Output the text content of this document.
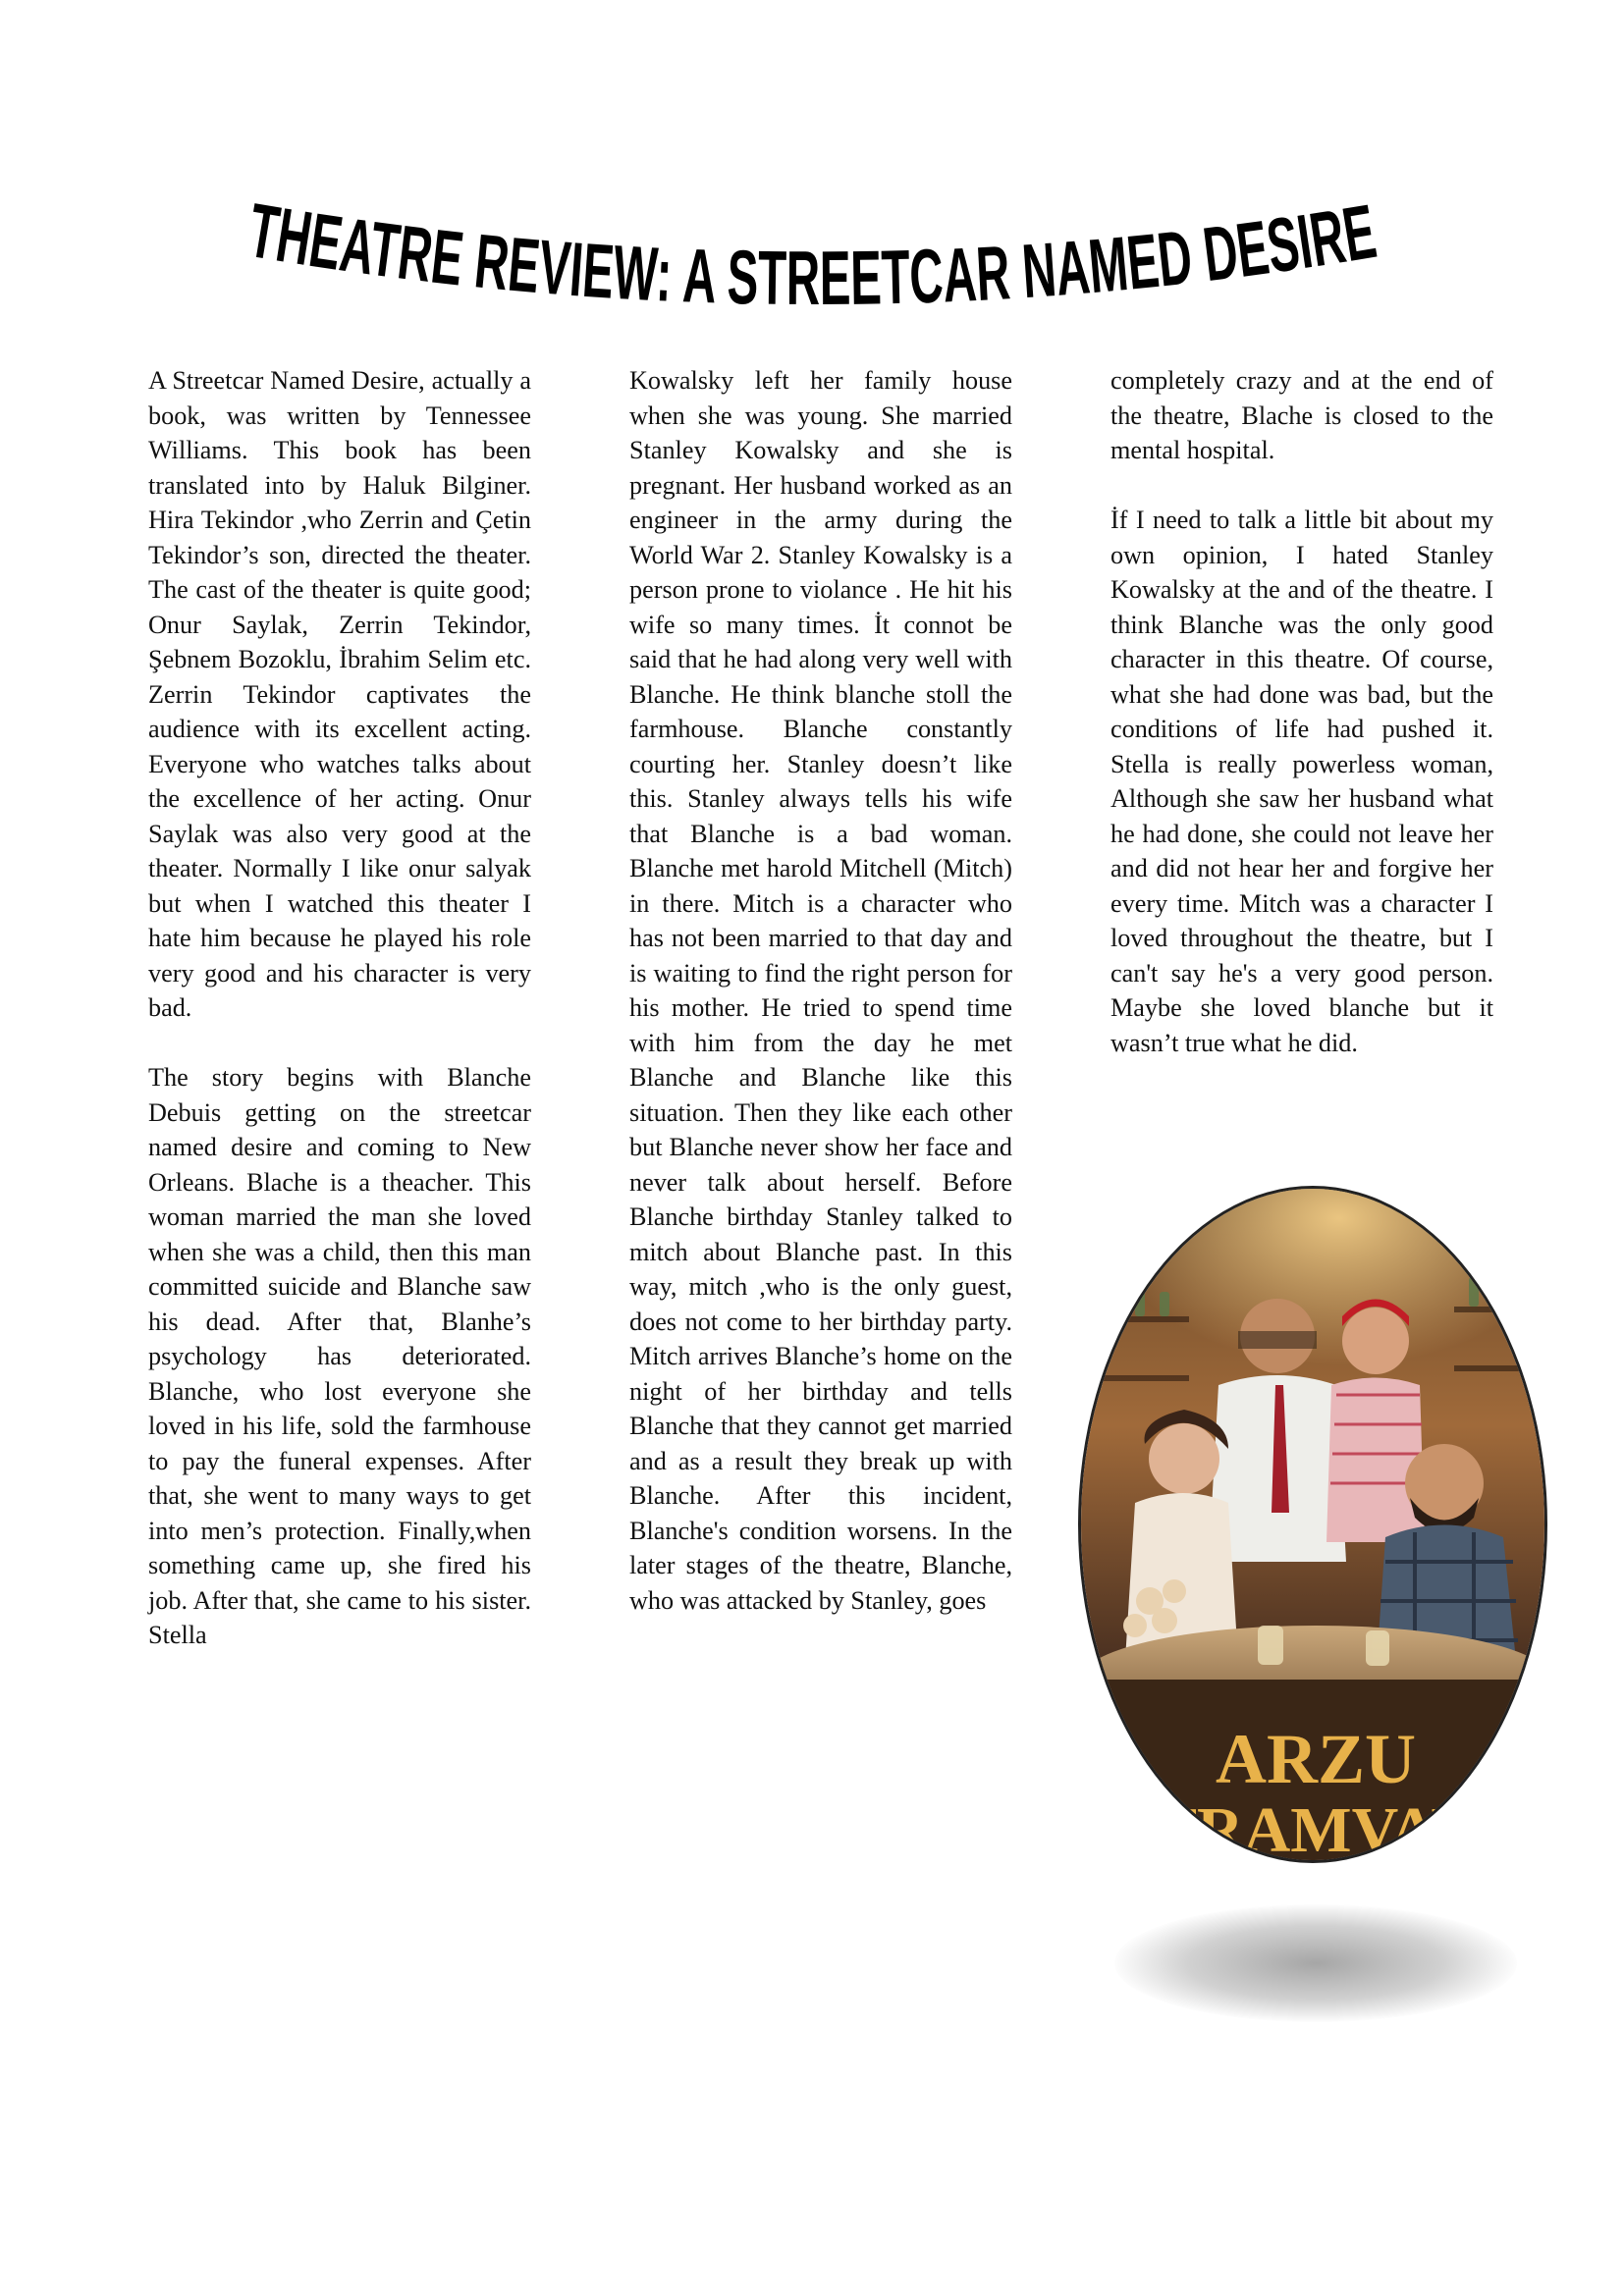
THEATRE REVIEW: A STREETCAR NAMED DESIRE

A Streetcar Named Desire, actually a book, was written by Tennessee Williams. This book has been translated into by Haluk Bilginer. Hira Tekindor ,who Zerrin and Çetin Tekindor’s son, directed the theater. The cast of the theater is quite good; Onur Saylak, Zerrin Tekindor, Şebnem Bozoklu, İbrahim Selim etc. Zerrin Tekindor captivates the audience with its excellent acting. Everyone who watches talks about the excellence of her acting. Onur Saylak was also very good at the theater. Normally I like onur salyak but when I watched this theater I hate him because he played his role very good and his character is very bad.

The story begins with Blanche Debuis getting on the streetcar named desire and coming to New Orleans. Blache is a theacher. This woman married the man she loved when she was a child, then this man committed suicide and Blanche saw his dead. After that, Blanhe’s psychology has deteriorated. Blanche, who lost everyone she loved in his life, sold the farmhouse to pay the funeral expenses. After that, she went to many ways to get into men’s protection. Finally,when something came up, she fired his job. After that, she came to his sister. Stella

Kowalsky left her family house when she was young. She married Stanley Kowalsky and she is pregnant. Her husband worked as an engineer in the army during the World War 2. Stanley Kowalsky is a person prone to violance . He hit his wife so many times. İt connot be said that he had along very well with Blanche. He think blanche stoll the farmhouse. Blanche constantly courting her. Stanley doesn’t like this. Stanley always tells his wife that Blanche is a bad woman. Blanche met harold Mitchell (Mitch) in there. Mitch is a character who has not been married to that day and is waiting to find the right person for his mother. He tried to spend time with him from the day he met Blanche and Blanche like this situation. Then they like each other but Blanche never show her face and never talk about herself. Before Blanche birthday Stanley talked to mitch about Blanche past. In this way, mitch ,who is the only guest, does not come to her birthday party. Mitch arrives Blanche’s home on the night of her birthday and tells Blanche that they cannot get married and as a result they break up with Blanche. After this incident, Blanche's condition worsens. In the later stages of the theatre, Blanche, who was attacked by Stanley, goes

completely crazy and at the end of the theatre, Blache is closed to the mental hospital.

İf I need to talk a little bit about my own opinion, I hated Stanley Kowalsky at the and of the theatre. I think Blanche was the only good character in this theatre. Of course, what she had done was bad, but the conditions of life had pushed it. Stella is really powerless woman, Although she saw her husband what he had done, she could not leave her and did not hear her and forgive her every time. Mitch was a character I loved throughout the theatre, but I can't say he's a very good person. Maybe she loved blanche but it wasn’t true what he did.

ARZU
TRAMVAY
